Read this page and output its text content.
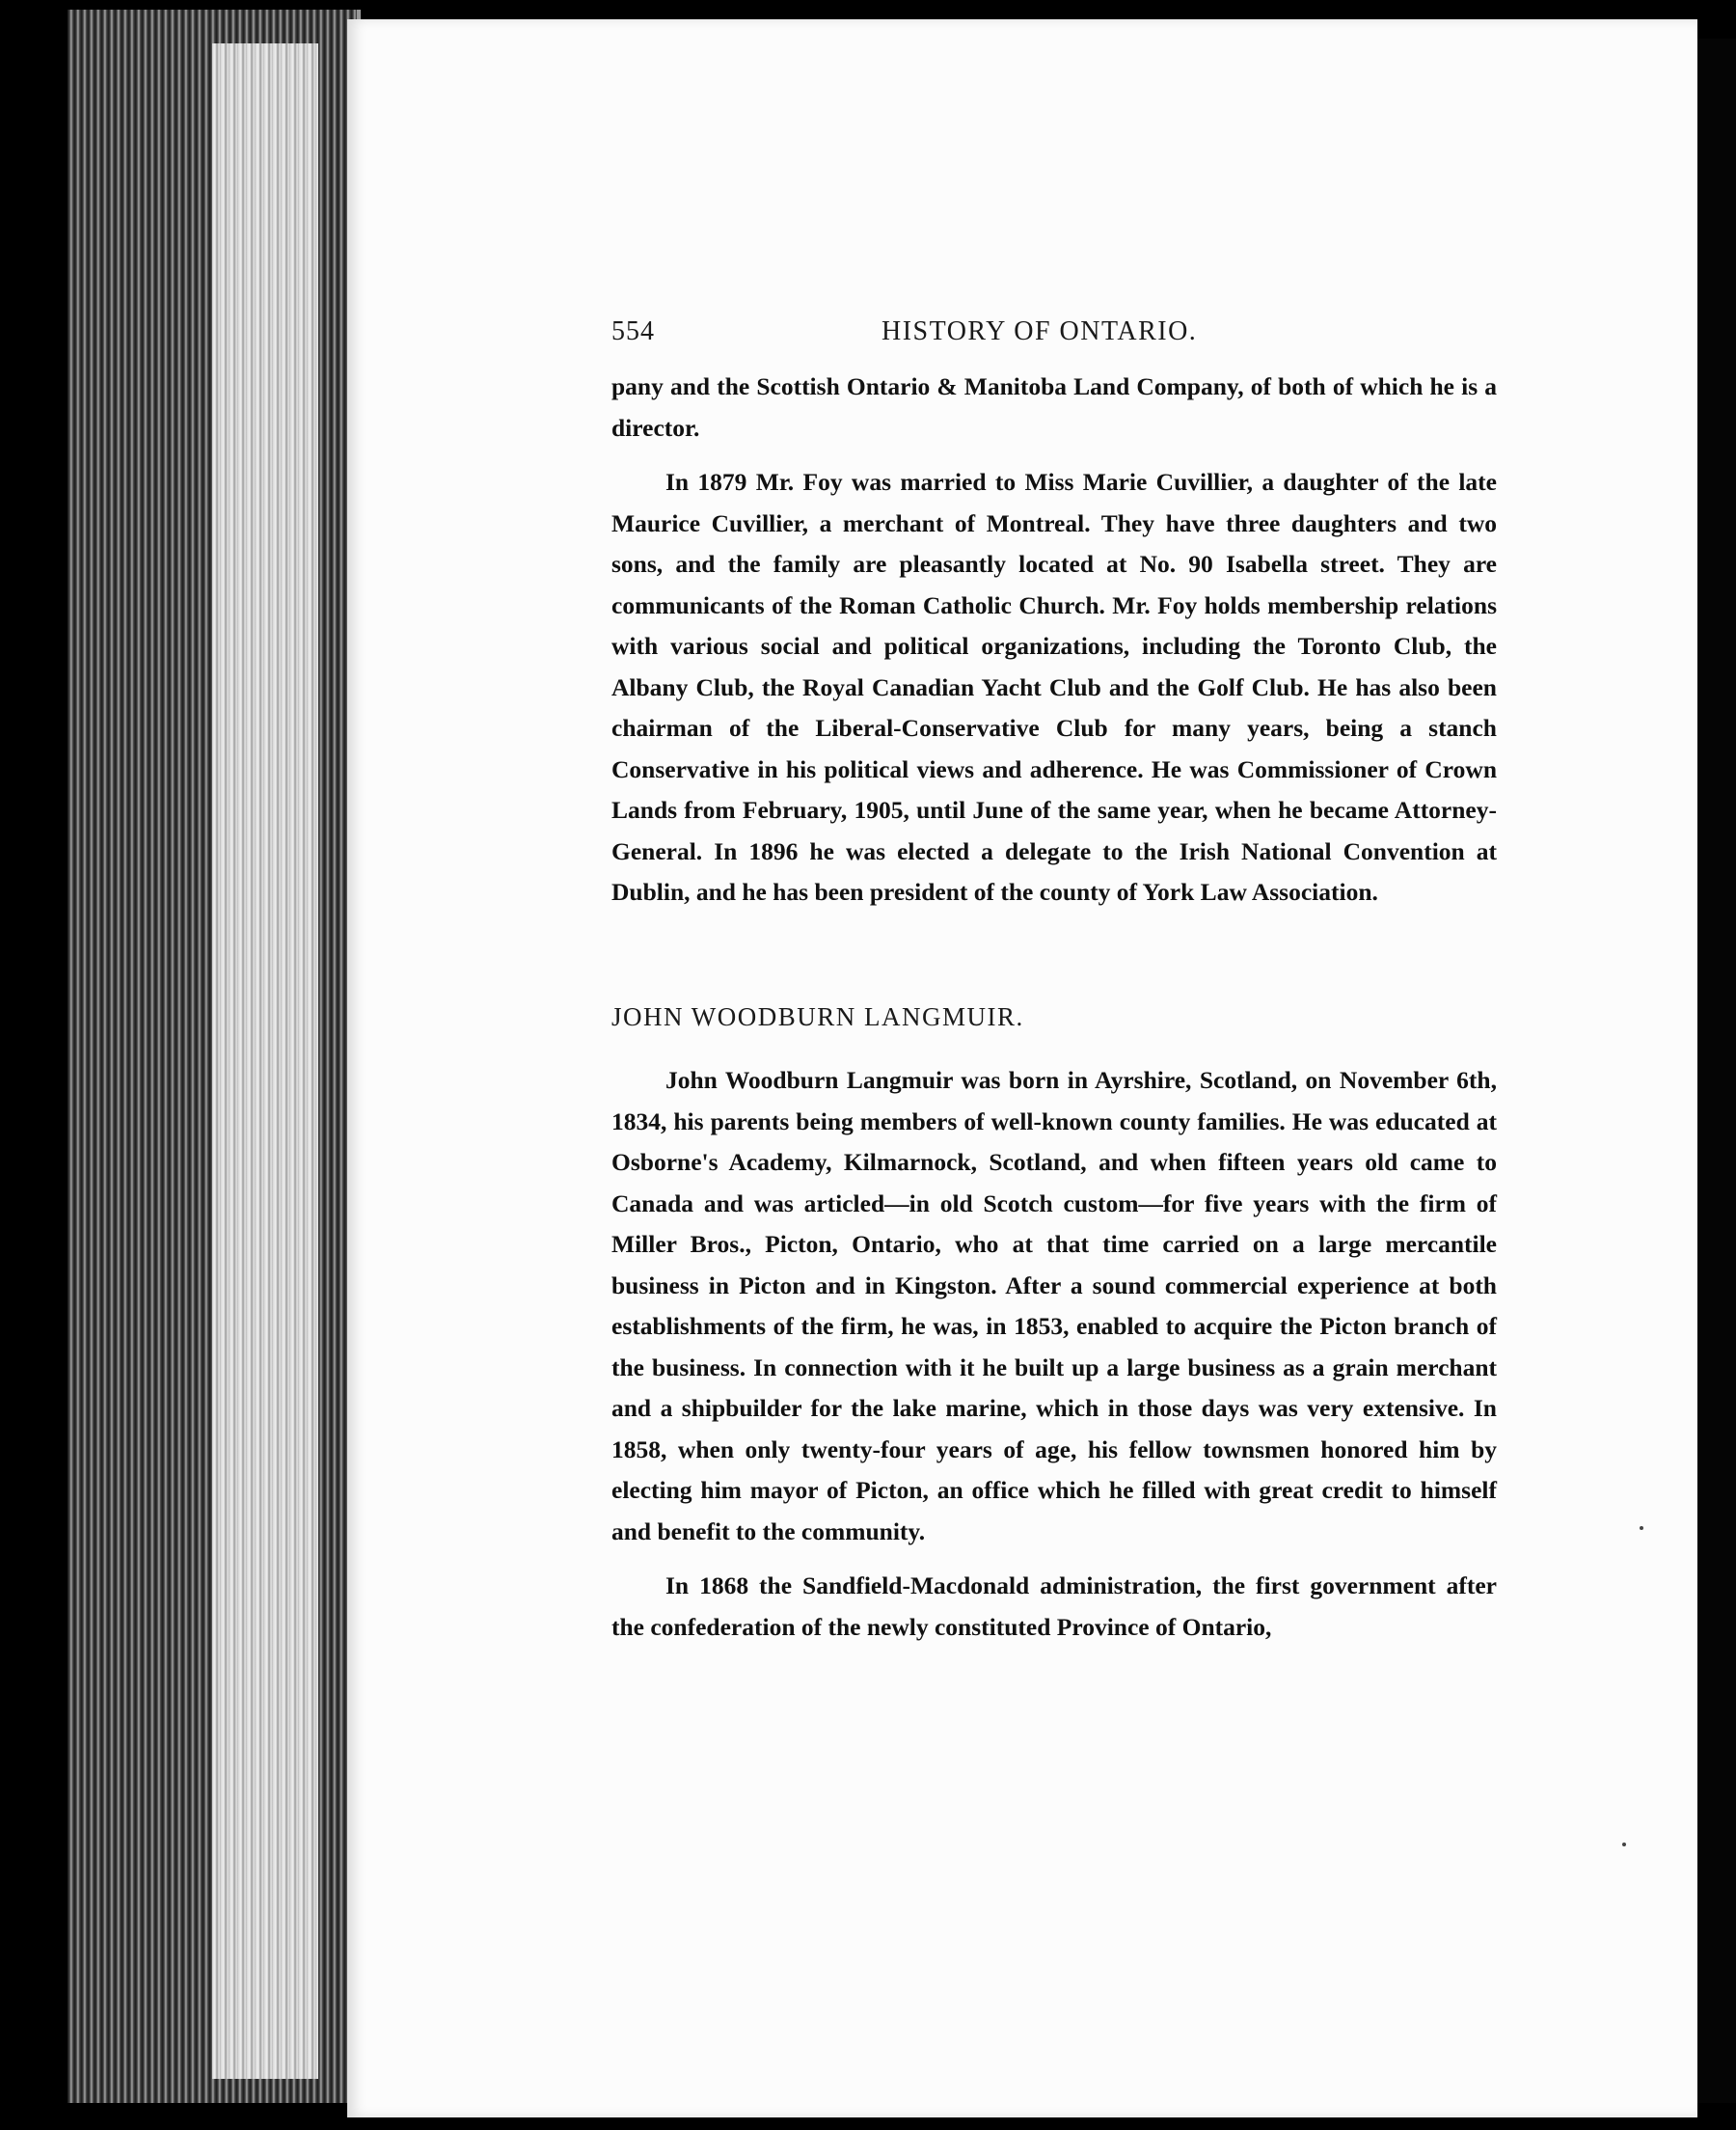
554	HISTORY OF ONTARIO.

pany and the Scottish Ontario & Manitoba Land Company, of both of which he is a director.

In 1879 Mr. Foy was married to Miss Marie Cuvillier, a daughter of the late Maurice Cuvillier, a merchant of Montreal. They have three daughters and two sons, and the family are pleasantly located at No. 90 Isabella street. They are communicants of the Roman Catholic Church. Mr. Foy holds membership relations with various social and political organizations, including the Toronto Club, the Albany Club, the Royal Canadian Yacht Club and the Golf Club. He has also been chairman of the Liberal-Conservative Club for many years, being a stanch Conservative in his political views and adherence. He was Commissioner of Crown Lands from February, 1905, until June of the same year, when he became Attorney-General. In 1896 he was elected a delegate to the Irish National Convention at Dublin, and he has been president of the county of York Law Association.

JOHN WOODBURN LANGMUIR.

John Woodburn Langmuir was born in Ayrshire, Scotland, on November 6th, 1834, his parents being members of well-known county families. He was educated at Osborne's Academy, Kilmarnock, Scotland, and when fifteen years old came to Canada and was articled—in old Scotch custom—for five years with the firm of Miller Bros., Picton, Ontario, who at that time carried on a large mercantile business in Picton and in Kingston. After a sound commercial experience at both establishments of the firm, he was, in 1853, enabled to acquire the Picton branch of the business. In connection with it he built up a large business as a grain merchant and a shipbuilder for the lake marine, which in those days was very extensive. In 1858, when only twenty-four years of age, his fellow townsmen honored him by electing him mayor of Picton, an office which he filled with great credit to himself and benefit to the community.

In 1868 the Sandfield-Macdonald administration, the first government after the confederation of the newly constituted Province of Ontario,
